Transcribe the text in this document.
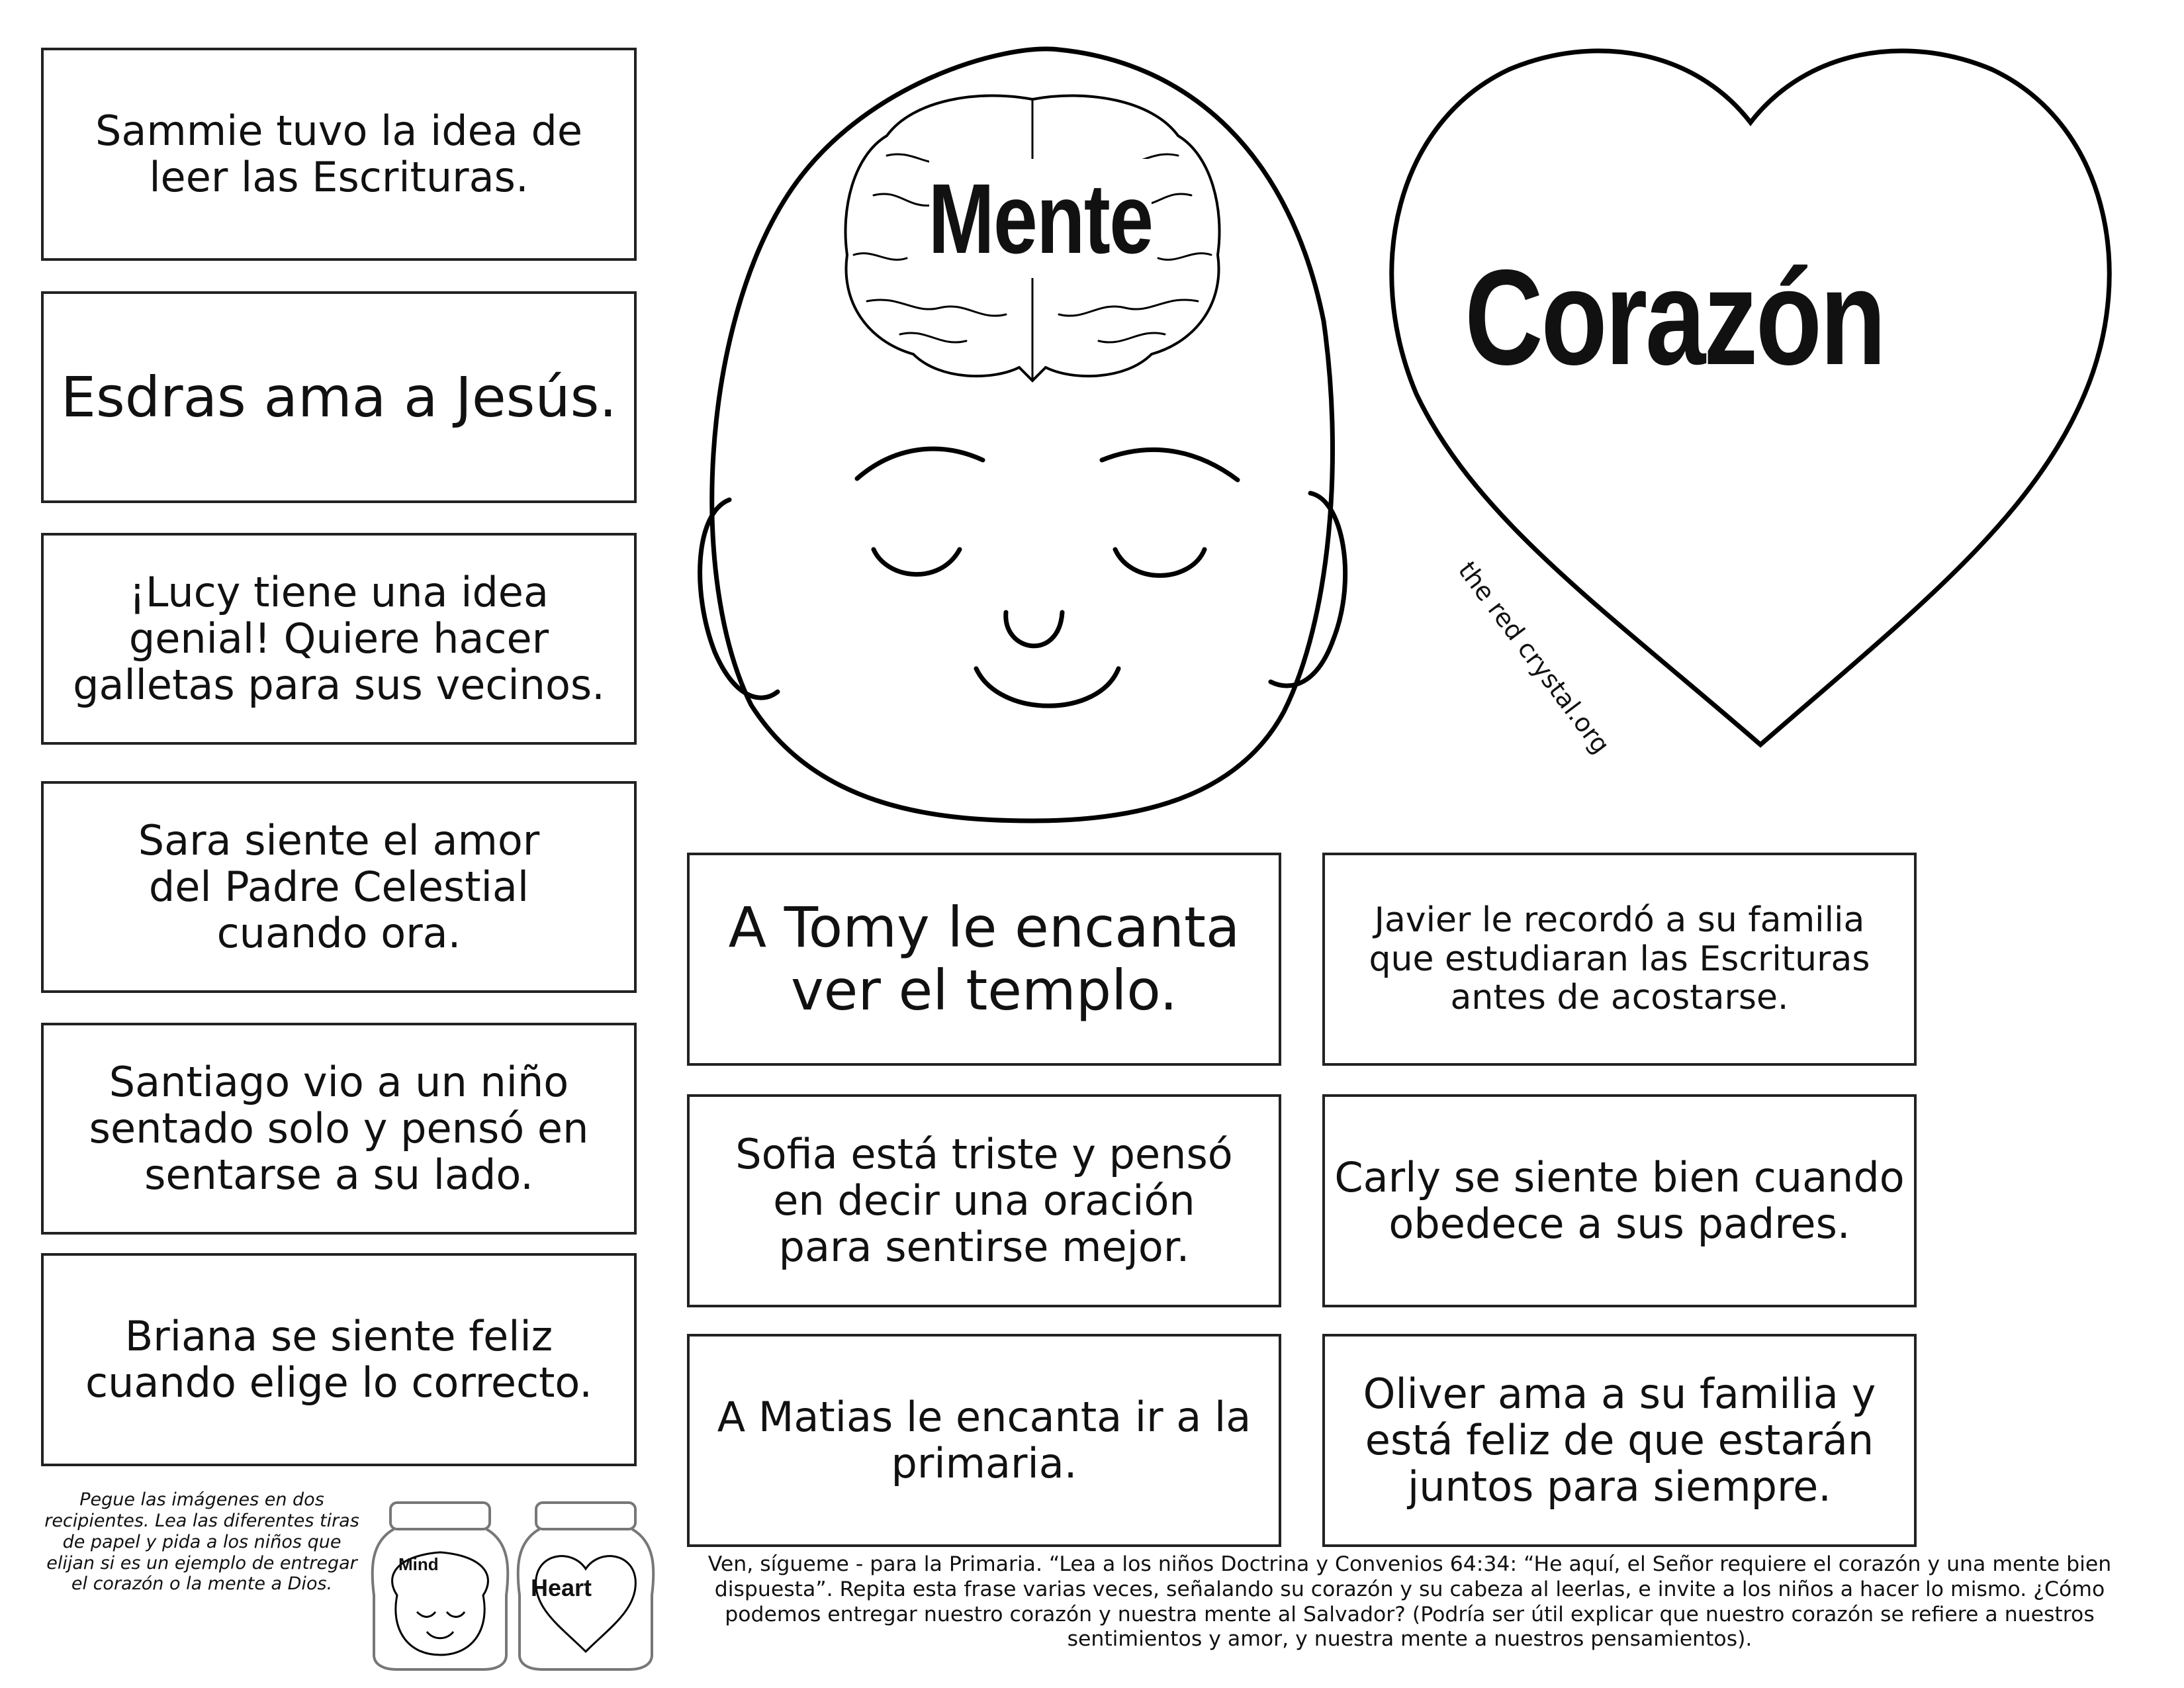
Sammie tuvo la idea de
leer las Escrituras.
Esdras ama a Jesús.
¡Lucy tiene una idea
genial! Quiere hacer
galletas para sus vecinos.
Sara siente el amor
del Padre Celestial
cuando ora.
Santiago vio a un niño
sentado solo y pensó en
sentarse a su lado.
Briana se siente feliz
cuando elige lo correcto.
A Tomy le encanta
ver el templo.
Sofia está triste y pensó
en decir una oración
para sentirse mejor.
A Matias le encanta ir a la
primaria.
Javier le recordó a su familia
que estudiaran las Escrituras
antes de acostarse.
Carly se siente bien cuando
obedece a sus padres.
Oliver ama a su familia y
está feliz de que estarán
juntos para siempre.
Mente
Corazón
the red crystal.org
Pegue las imágenes en dos recipientes. Lea las diferentes tiras de papel y pida a los niños que elijan si es un ejemplo de entregar el corazón o la mente a Dios.
Mind
Heart
Ven, sígueme - para la Primaria. “Lea a los niños Doctrina y Convenios 64:34: “He aquí, el Señor requiere el corazón y una mente bien dispuesta”. Repita esta frase varias veces, señalando su corazón y su cabeza al leerlas, e invite a los niños a hacer lo mismo. ¿Cómo podemos entregar nuestro corazón y nuestra mente al Salvador? (Podría ser útil explicar que nuestro corazón se refiere a nuestros sentimientos y amor, y nuestra mente a nuestros pensamientos).
